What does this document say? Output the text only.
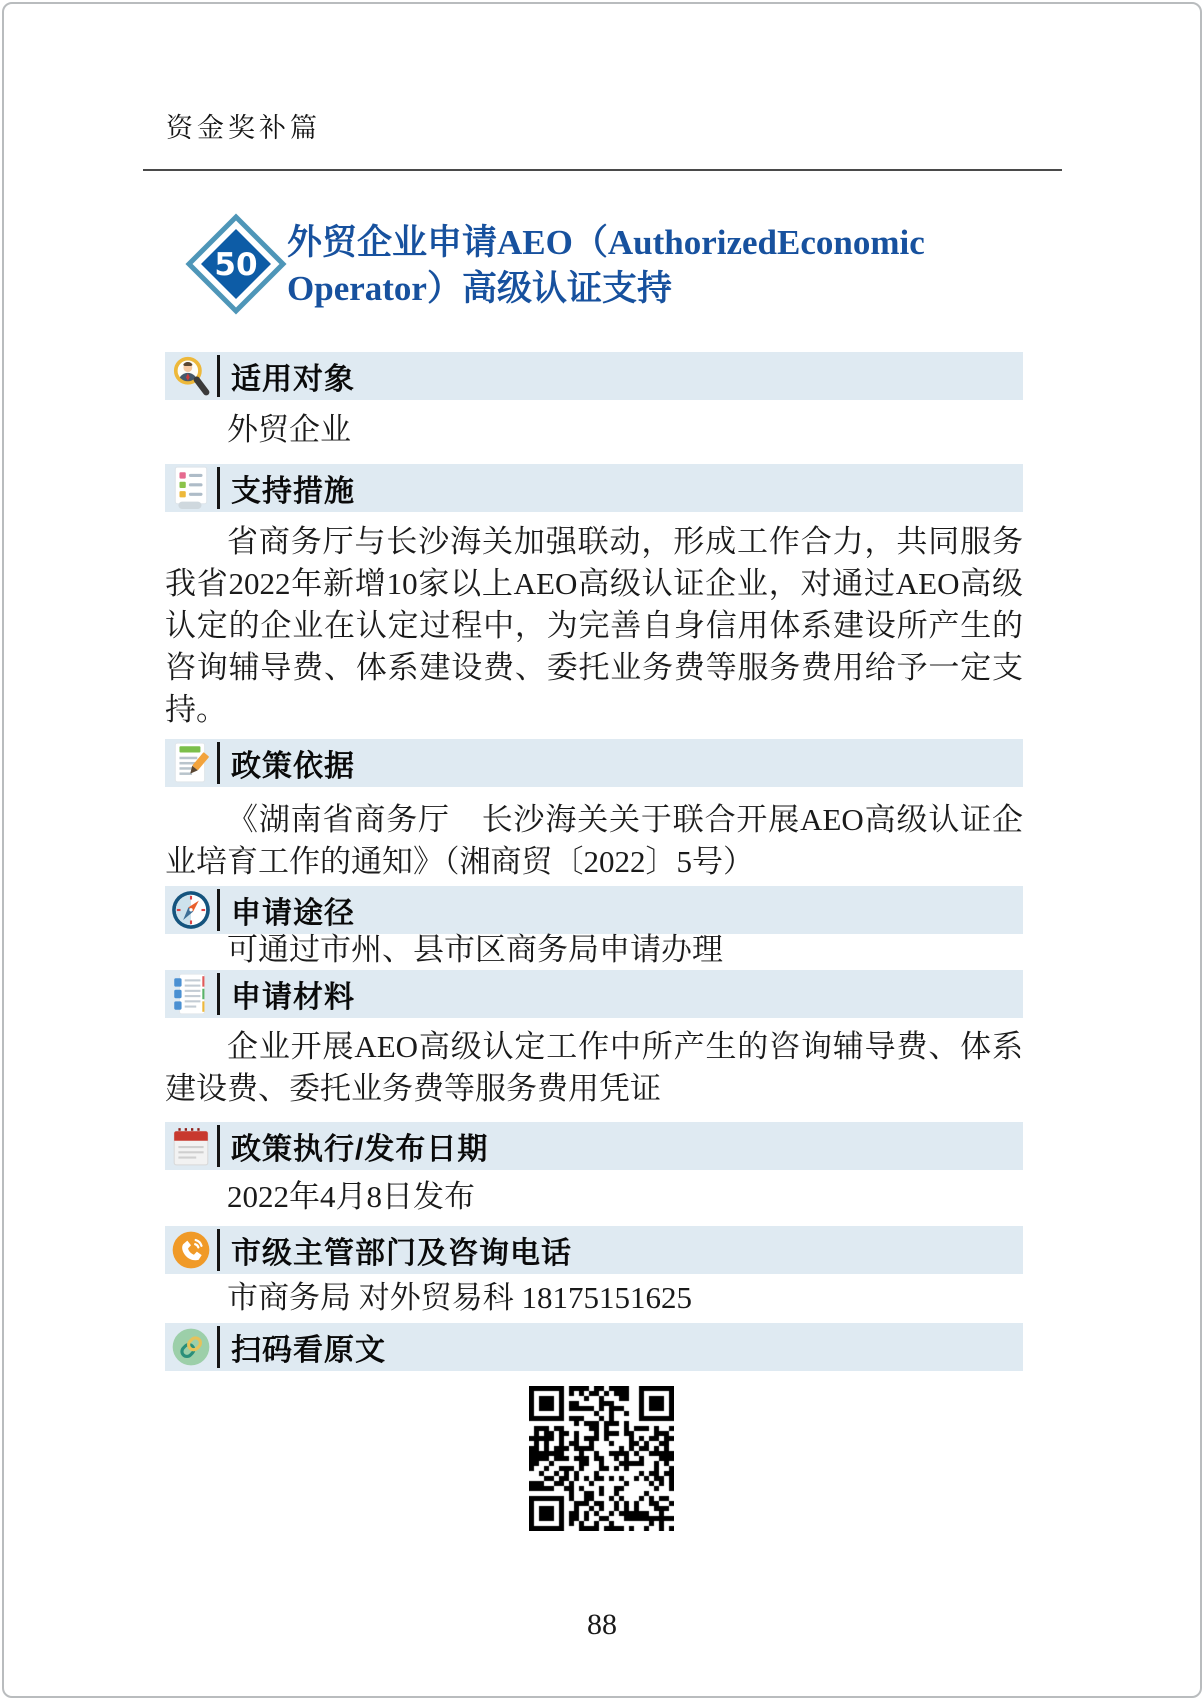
资金奖补篇
50
外贸企业申请AEO（AuthorizedEconomic
Operator）高级认证支持
适用对象
外贸企业
支持措施
省商务厅与长沙海关加强联动，形成工作合力，共同服务我省2022年新增10家以上AEO高级认证企业，对通过AEO高级认定的企业在认定过程中，为完善自身信用体系建设所产生的咨询辅导费、体系建设费、委托业务费等服务费用给予一定支持。
政策依据
《湖南省商务厅　长沙海关关于联合开展AEO高级认证企业培育工作的通知》（湘商贸〔2022〕5号）
申请途径
可通过市州、县市区商务局申请办理
申请材料
企业开展AEO高级认定工作中所产生的咨询辅导费、体系建设费、委托业务费等服务费用凭证
政策执行/发布日期
2022年4月8日发布
市级主管部门及咨询电话
市商务局 对外贸易科 18175151625
扫码看原文
88
